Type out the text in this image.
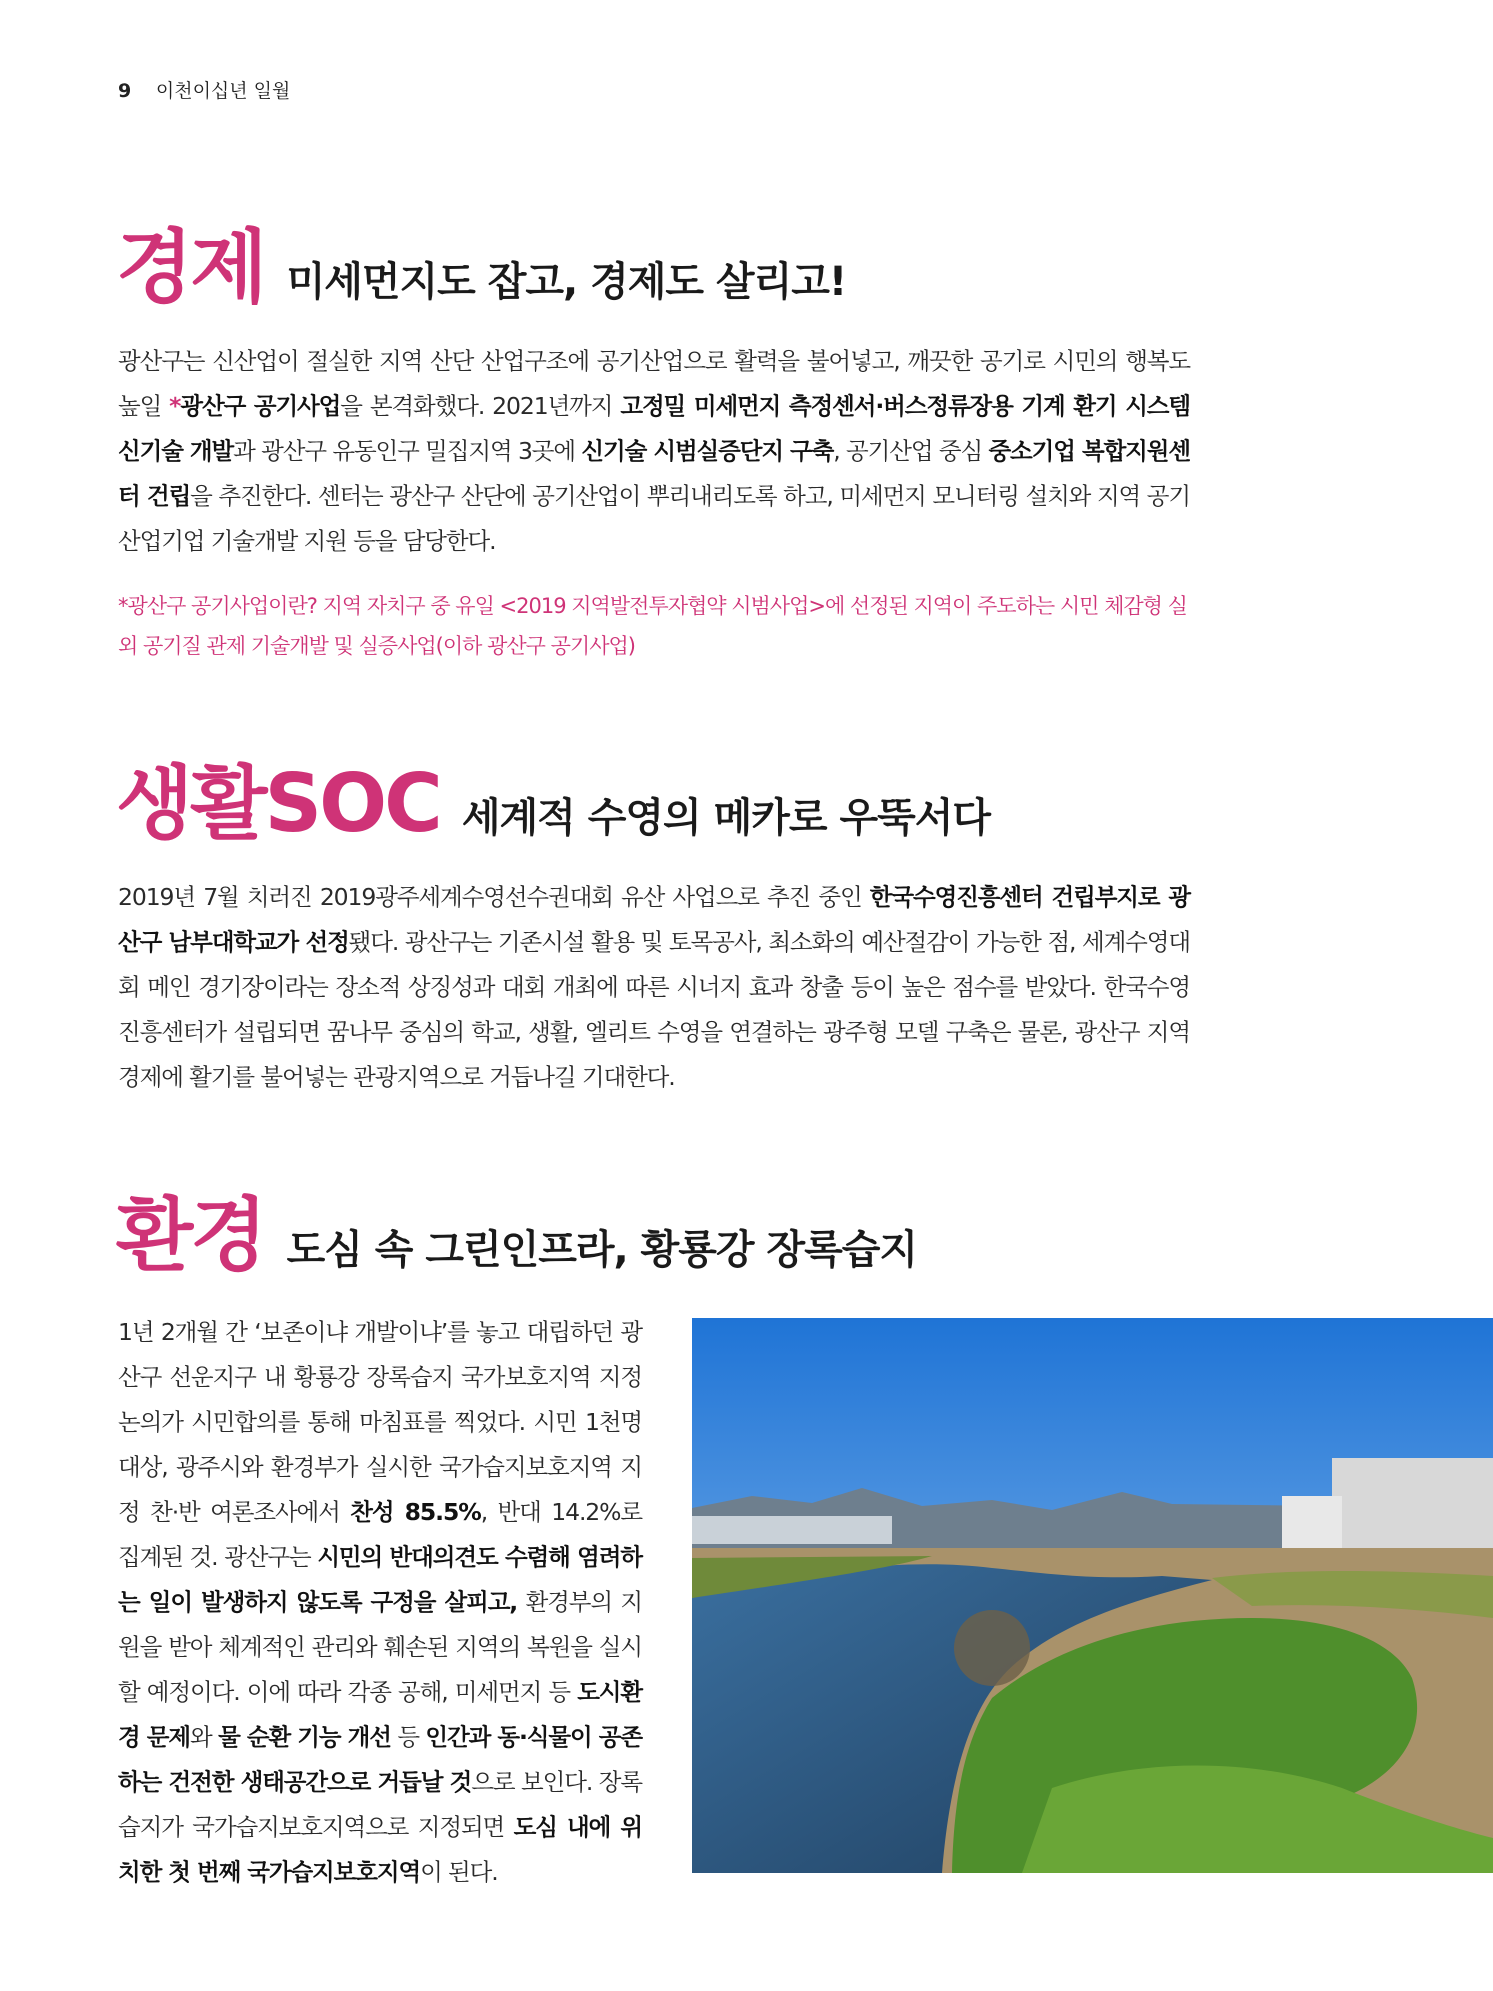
9 이천이십년 일월
경제 미세먼지도 잡고, 경제도 살리고!
광산구는 신산업이 절실한 지역 산단 산업구조에 공기산업으로 활력을 불어넣고, 깨끗한 공기로 시민의 행복도 높일 *광산구 공기사업을 본격화했다. 2021년까지 고정밀 미세먼지 측정센서·버스정류장용 기계 환기 시스템 신기술 개발과 광산구 유동인구 밀집지역 3곳에 신기술 시범실증단지 구축, 공기산업 중심 중소기업 복합지원센터 건립을 추진한다. 센터는 광산구 산단에 공기산업이 뿌리내리도록 하고, 미세먼지 모니터링 설치와 지역 공기산업기업 기술개발 지원 등을 담당한다.
*광산구 공기사업이란? 지역 자치구 중 유일 <2019 지역발전투자협약 시범사업>에 선정된 지역이 주도하는 시민 체감형 실외 공기질 관제 기술개발 및 실증사업(이하 광산구 공기사업)
생활SOC 세계적 수영의 메카로 우뚝서다
2019년 7월 치러진 2019광주세계수영선수권대회 유산 사업으로 추진 중인 한국수영진흥센터 건립부지로 광산구 남부대학교가 선정됐다. 광산구는 기존시설 활용 및 토목공사, 최소화의 예산절감이 가능한 점, 세계수영대회 메인 경기장이라는 장소적 상징성과 대회 개최에 따른 시너지 효과 창출 등이 높은 점수를 받았다. 한국수영진흥센터가 설립되면 꿈나무 중심의 학교, 생활, 엘리트 수영을 연결하는 광주형 모델 구축은 물론, 광산구 지역경제에 활기를 불어넣는 관광지역으로 거듭나길 기대한다.
환경 도심 속 그린인프라, 황룡강 장록습지
1년 2개월 간 ‘보존이냐 개발이냐’를 놓고 대립하던 광산구 선운지구 내 황룡강 장록습지 국가보호지역 지정 논의가 시민합의를 통해 마침표를 찍었다. 시민 1천명 대상, 광주시와 환경부가 실시한 국가습지보호지역 지정 찬·반 여론조사에서 찬성 85.5%, 반대 14.2%로 집계된 것. 광산구는 시민의 반대의견도 수렴해 염려하는 일이 발생하지 않도록 구정을 살피고, 환경부의 지원을 받아 체계적인 관리와 훼손된 지역의 복원을 실시할 예정이다. 이에 따라 각종 공해, 미세먼지 등 도시환경 문제와 물 순환 기능 개선 등 인간과 동·식물이 공존하는 건전한 생태공간으로 거듭날 것으로 보인다. 장록습지가 국가습지보호지역으로 지정되면 도심 내에 위치한 첫 번째 국가습지보호지역이 된다.
